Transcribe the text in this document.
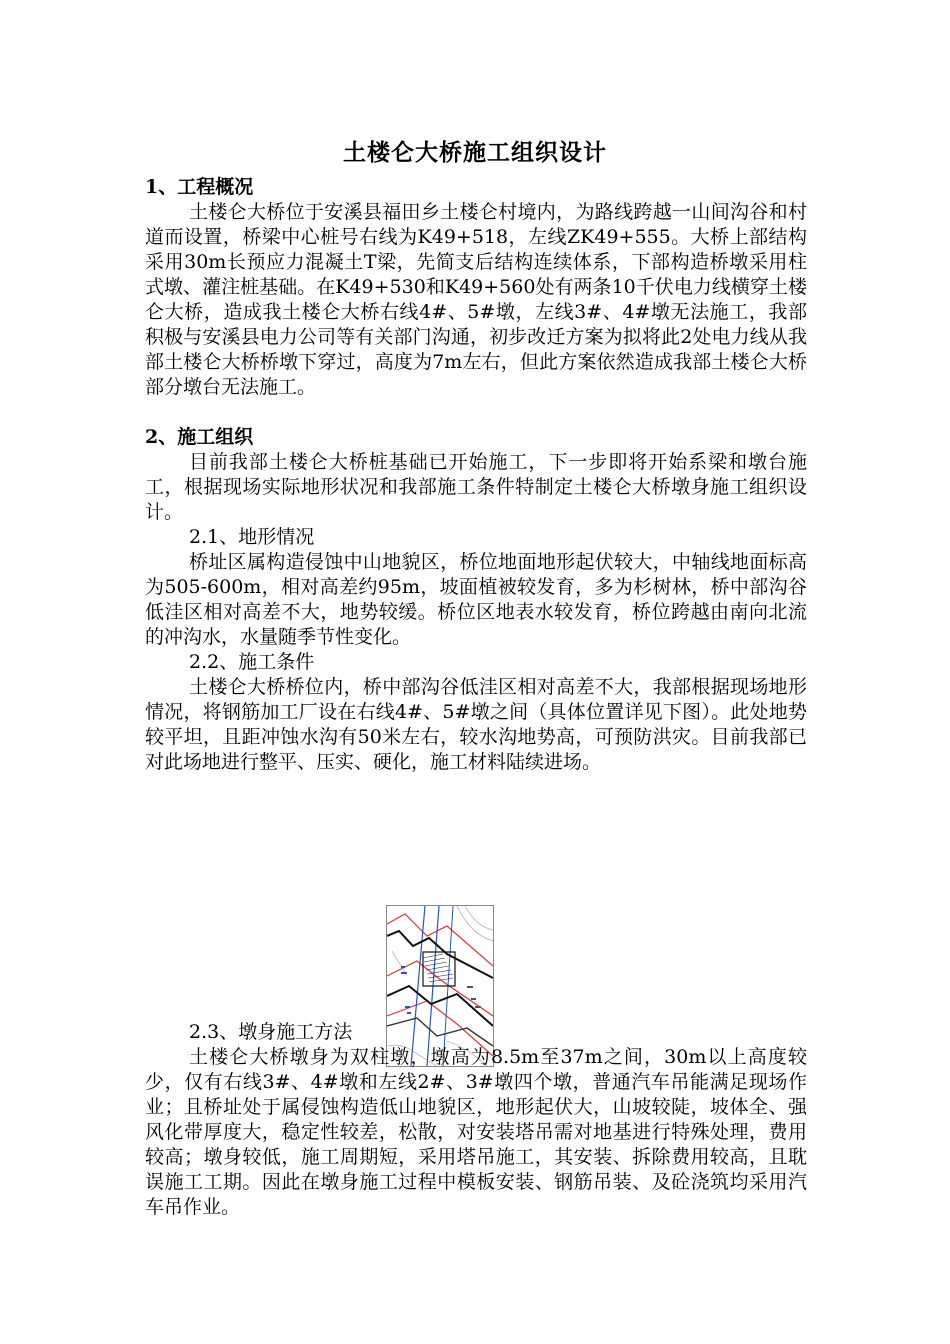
土楼仑大桥施工组织设计
1、工程概况
土楼仑大桥位于安溪县福田乡土楼仑村境内，为路线跨越一山间沟谷和村道而设置，桥梁中心桩号右线为K49+518，左线ZK49+555。大桥上部结构采用30m长预应力混凝土T梁，先简支后结构连续体系，下部构造桥墩采用柱式墩、灌注桩基础。在K49+530和K49+560处有两条10千伏电力线横穿土楼仑大桥，造成我土楼仑大桥右线4#、5#墩，左线3#、4#墩无法施工，我部积极与安溪县电力公司等有关部门沟通，初步改迁方案为拟将此2处电力线从我部土楼仑大桥桥墩下穿过，高度为7m左右，但此方案依然造成我部土楼仑大桥部分墩台无法施工。
2、施工组织
目前我部土楼仑大桥桩基础已开始施工，下一步即将开始系梁和墩台施工，根据现场实际地形状况和我部施工条件特制定土楼仑大桥墩身施工组织设计。
2.1、地形情况
桥址区属构造侵蚀中山地貌区，桥位地面地形起伏较大，中轴线地面标高为505-600m，相对高差约95m，坡面植被较发育，多为杉树林，桥中部沟谷低洼区相对高差不大，地势较缓。桥位区地表水较发育，桥位跨越由南向北流的冲沟水，水量随季节性变化。
2.2、施工条件
土楼仑大桥桥位内，桥中部沟谷低洼区相对高差不大，我部根据现场地形情况，将钢筋加工厂设在右线4#、5#墩之间（具体位置详见下图）。此处地势较平坦，且距冲蚀水沟有50米左右，较水沟地势高，可预防洪灾。目前我部已对此场地进行整平、压实、硬化，施工材料陆续进场。
2.3、墩身施工方法
土楼仑大桥墩身为双柱墩，墩高为8.5m至37m之间，30m以上高度较少，仅有右线3#、4#墩和左线2#、3#墩四个墩，普通汽车吊能满足现场作业；且桥址处于属侵蚀构造低山地貌区，地形起伏大，山坡较陡，坡体全、强风化带厚度大，稳定性较差，松散，对安装塔吊需对地基进行特殊处理，费用较高；墩身较低，施工周期短，采用塔吊施工，其安装、拆除费用较高，且耽误施工工期。因此在墩身施工过程中模板安装、钢筋吊装、及砼浇筑均采用汽车吊作业。
